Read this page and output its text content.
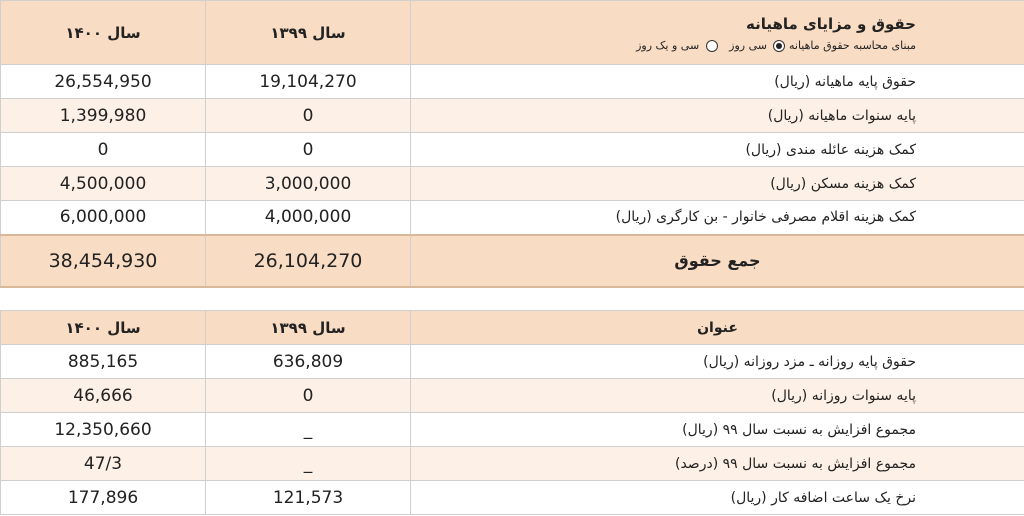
سال ۱۴۰۰	سال ۱۳۹۹	حقوق و مزایای ماهیانه
مبنای محاسبه حقوق ماهیانه  سی روز  سی و یک روز

26,554,950	19,104,270	حقوق پایه ماهیانه (ریال)
1,399,980	0	پایه سنوات ماهیانه (ریال)
0	0	کمک هزینه عائله مندی (ریال)
4,500,000	3,000,000	کمک هزینه مسکن (ریال)
6,000,000	4,000,000	کمک هزینه اقلام مصرفی خانوار - بن کارگری (ریال)
38,454,930	26,104,270	جمع حقوق
سال ۱۴۰۰	سال ۱۳۹۹	عنوان
885,165	636,809	حقوق پایه روزانه ـ مزد روزانه (ریال)
46,666	0	پایه سنوات روزانه (ریال)
12,350,660	_	مجموع افزایش به نسبت سال ۹۹ (ریال)
47/3	_	مجموع افزایش به نسبت سال ۹۹ (درصد)
177,896	121,573	نرخ یک ساعت اضافه کار (ریال)
